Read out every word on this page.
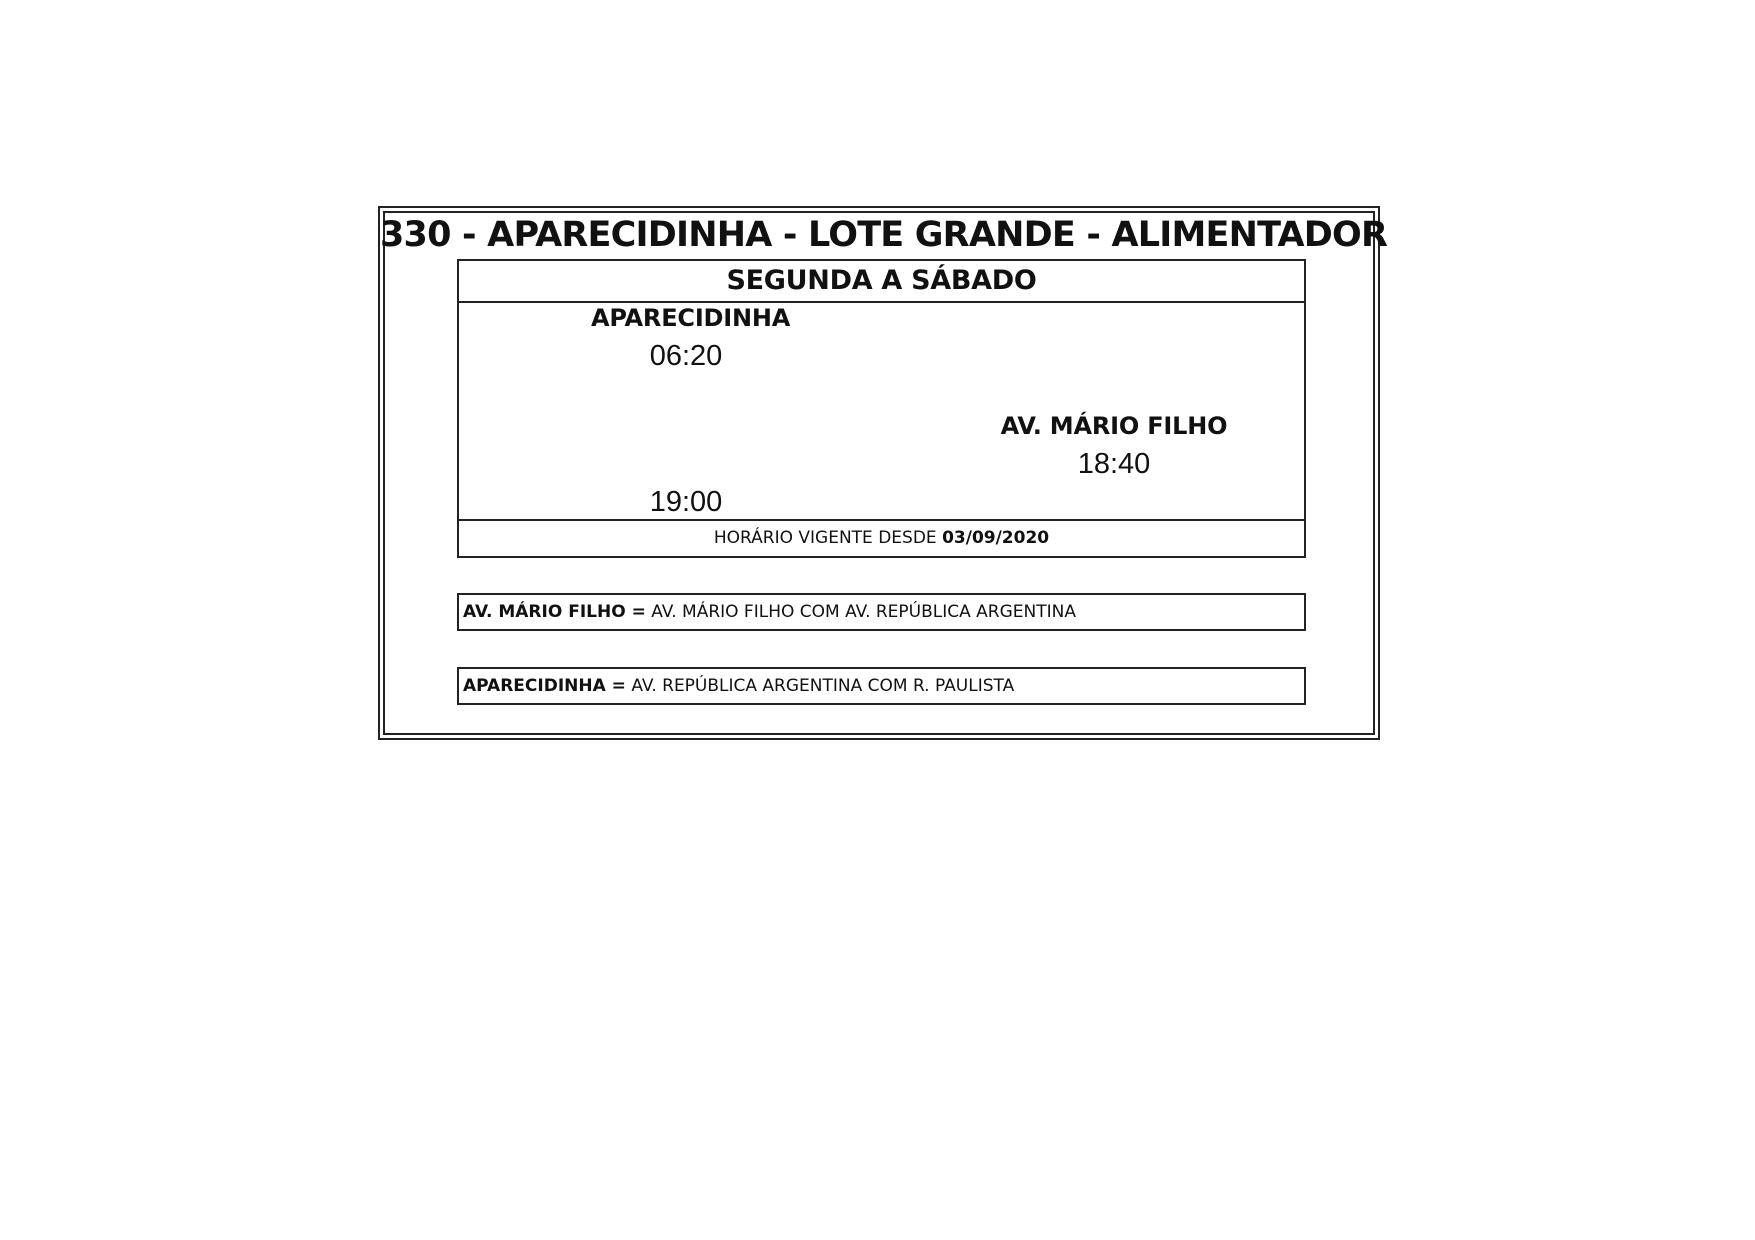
330 - APARECIDINHA - LOTE GRANDE - ALIMENTADOR
SEGUNDA A SÁBADO
APARECIDINHA
06:20
AV. MÁRIO FILHO
18:40
19:00
HORÁRIO VIGENTE DESDE 03/09/2020
AV. MÁRIO FILHO = AV. MÁRIO FILHO COM AV. REPÚBLICA ARGENTINA
APARECIDINHA = AV. REPÚBLICA ARGENTINA COM R. PAULISTA
